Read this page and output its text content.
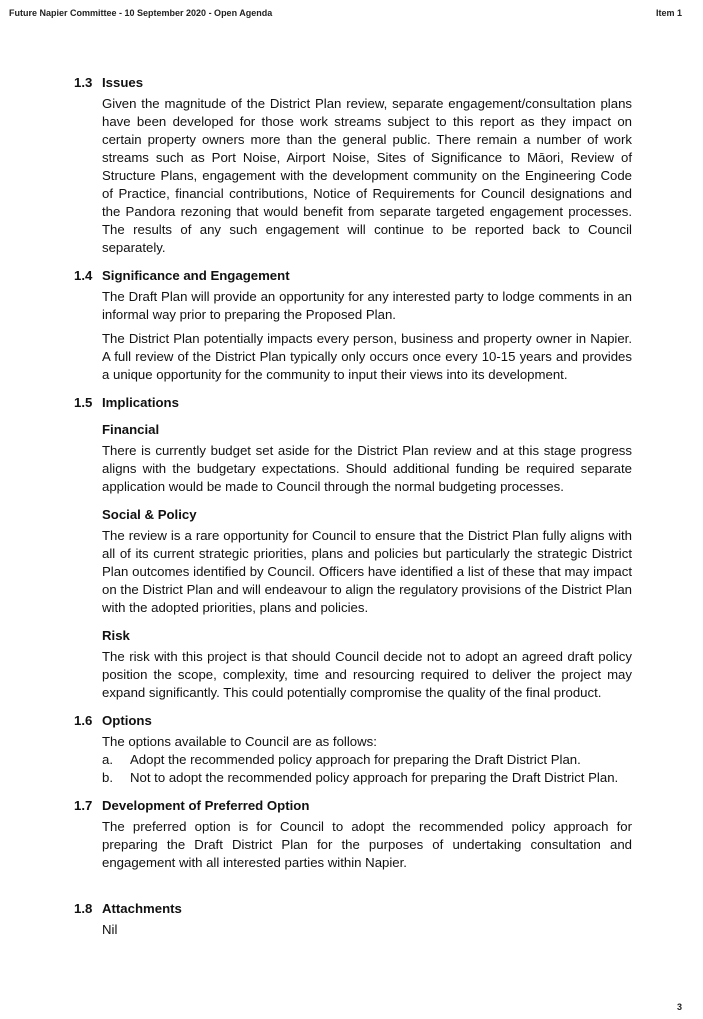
Future Napier Committee - 10 September 2020 - Open Agenda	Item 1
1.3 Issues

Given the magnitude of the District Plan review, separate engagement/consultation plans have been developed for those work streams subject to this report as they impact on certain property owners more than the general public. There remain a number of work streams such as Port Noise, Airport Noise, Sites of Significance to Māori, Review of Structure Plans, engagement with the development community on the Engineering Code of Practice, financial contributions, Notice of Requirements for Council designations and the Pandora rezoning that would benefit from separate targeted engagement processes. The results of any such engagement will continue to be reported back to Council separately.

1.4 Significance and Engagement

The Draft Plan will provide an opportunity for any interested party to lodge comments in an informal way prior to preparing the Proposed Plan.

The District Plan potentially impacts every person, business and property owner in Napier. A full review of the District Plan typically only occurs once every 10-15 years and provides a unique opportunity for the community to input their views into its development.

1.5 Implications
Financial

There is currently budget set aside for the District Plan review and at this stage progress aligns with the budgetary expectations. Should additional funding be required separate application would be made to Council through the normal budgeting processes.

Social & Policy

The review is a rare opportunity for Council to ensure that the District Plan fully aligns with all of its current strategic priorities, plans and policies but particularly the strategic District Plan outcomes identified by Council. Officers have identified a list of these that may impact on the District Plan and will endeavour to align the regulatory provisions of the District Plan with the adopted priorities, plans and policies.

Risk

The risk with this project is that should Council decide not to adopt an agreed draft policy position the scope, complexity, time and resourcing required to deliver the project may expand significantly. This could potentially compromise the quality of the final product.

1.6 Options

The options available to Council are as follows:

a. Adopt the recommended policy approach for preparing the Draft District Plan.
b. Not to adopt the recommended policy approach for preparing the Draft District Plan.
1.7 Development of Preferred Option

The preferred option is for Council to adopt the recommended policy approach for preparing the Draft District Plan for the purposes of undertaking consultation and engagement with all interested parties within Napier.

1.8 Attachments

Nil

3
